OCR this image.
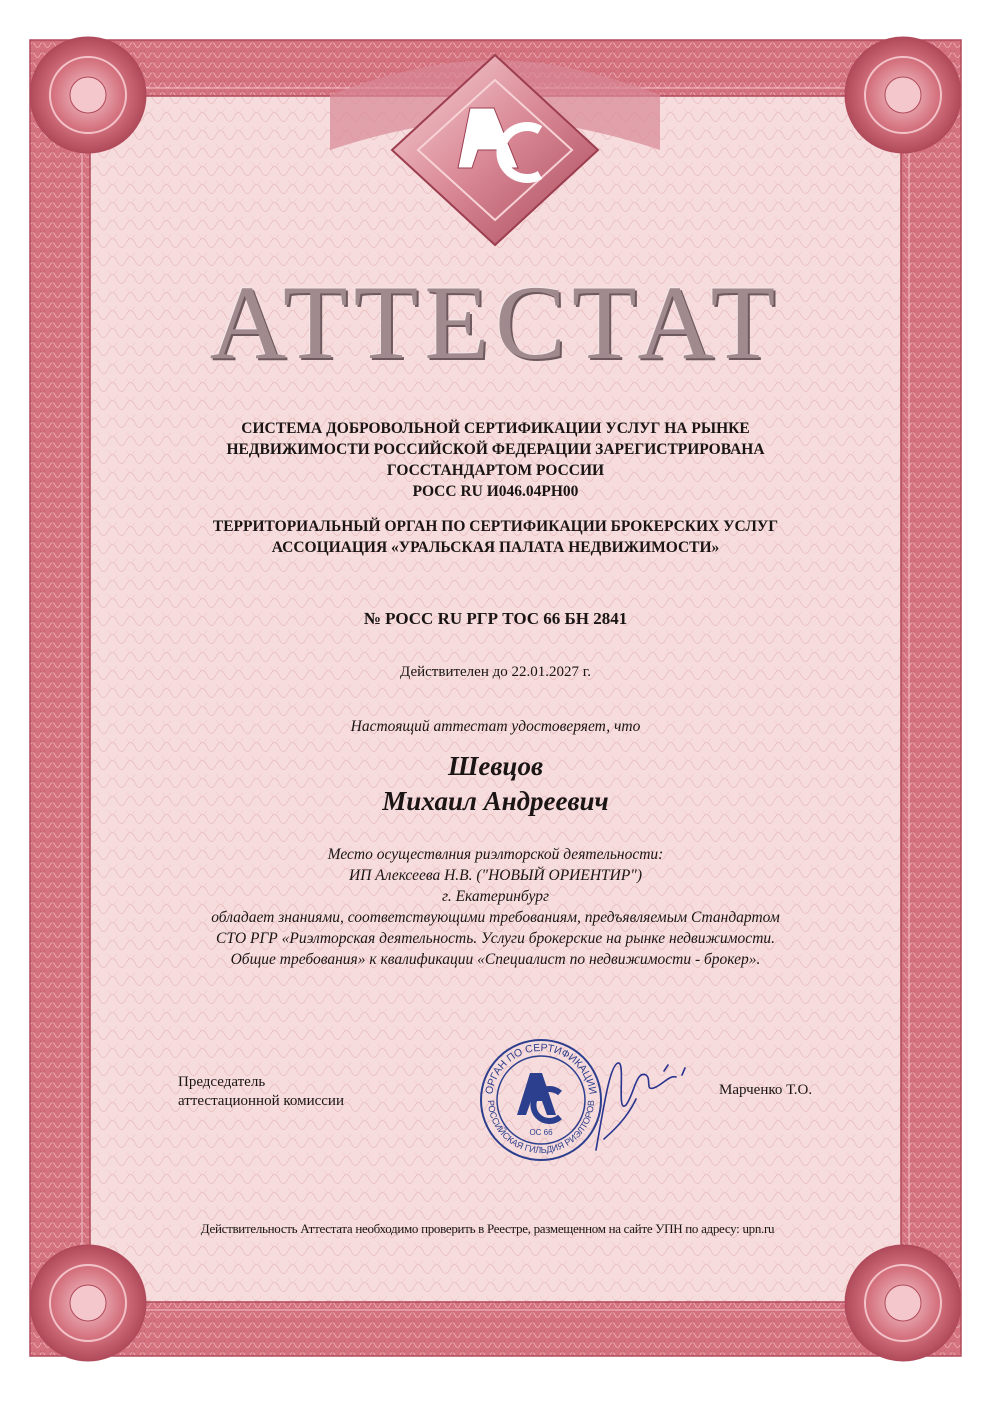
АТТЕСТАТ
СИСТЕМА ДОБРОВОЛЬНОЙ СЕРТИФИКАЦИИ УСЛУГ НА РЫНКЕ
НЕДВИЖИМОСТИ РОССИЙСКОЙ ФЕДЕРАЦИИ ЗАРЕГИСТРИРОВАНА
ГОССТАНДАРТОМ РОССИИ
РОСС RU И046.04РН00
ТЕРРИТОРИАЛЬНЫЙ ОРГАН ПО СЕРТИФИКАЦИИ БРОКЕРСКИХ УСЛУГ
АССОЦИАЦИЯ «УРАЛЬСКАЯ ПАЛАТА НЕДВИЖИМОСТИ»
№ РОСС RU РГР ТОС 66 БН 2841
Действителен до 22.01.2027 г.
Настоящий аттестат удостоверяет, что
Шевцов
Михаил Андреевич
Место осуществлния риэлторской деятельности:
ИП Алексеева Н.В. ("НОВЫЙ ОРИЕНТИР")
г. Екатеринбург
обладает знаниями, соответствующими требованиям, предъявляемым Стандартом
СТО РГР «Риэлторская деятельность. Услуги брокерские на рынке недвижимости.
Общие требования» к квалификации «Специалист по недвижимости - брокер».
Председатель
аттестационной комиссии
Марченко Т.О.
ОРГАН ПО СЕРТИФИКАЦИИ
РОССИЙСКАЯ ГИЛЬДИЯ РИЭЛТОРОВ
ОС 66
Действительность Аттестата необходимо проверить в Реестре, размещенном на сайте УПН по адресу: upn.ru
